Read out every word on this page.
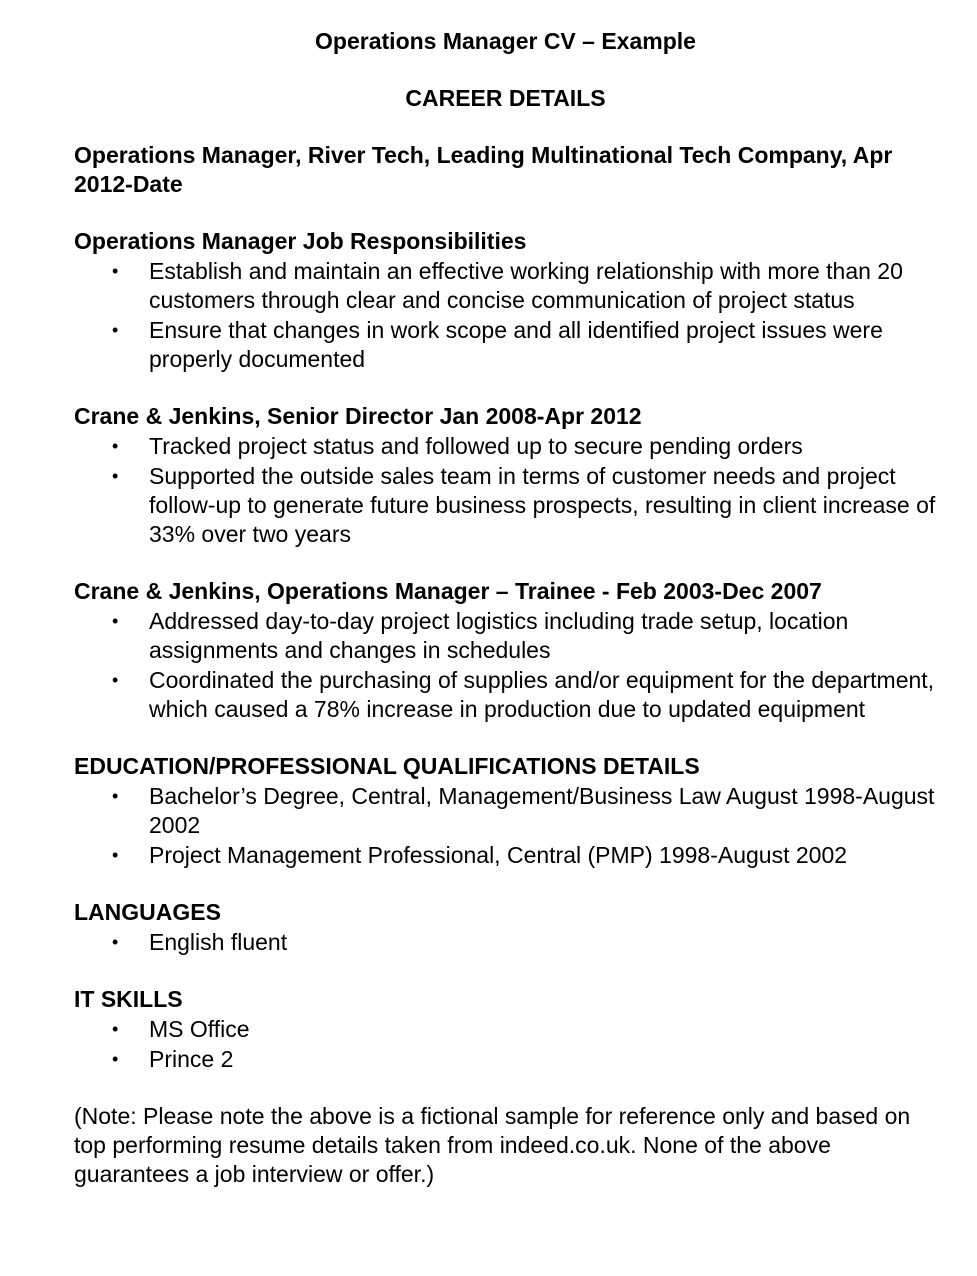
Operations Manager CV – Example
CAREER DETAILS
Operations Manager, River Tech, Leading Multinational Tech Company, Apr 2012-Date
Operations Manager Job Responsibilities
• Establish and maintain an effective working relationship with more than 20 customers through clear and concise communication of project status
• Ensure that changes in work scope and all identified project issues were properly documented
Crane & Jenkins, Senior Director Jan 2008-Apr 2012
• Tracked project status and followed up to secure pending orders
• Supported the outside sales team in terms of customer needs and project follow-up to generate future business prospects, resulting in client increase of 33% over two years
Crane & Jenkins, Operations Manager – Trainee - Feb 2003-Dec 2007
• Addressed day-to-day project logistics including trade setup, location assignments and changes in schedules
• Coordinated the purchasing of supplies and/or equipment for the department, which caused a 78% increase in production due to updated equipment
EDUCATION/PROFESSIONAL QUALIFICATIONS DETAILS
• Bachelor’s Degree, Central, Management/Business Law August 1998-August 2002
• Project Management Professional, Central (PMP) 1998-August 2002
LANGUAGES
• English fluent
IT SKILLS
• MS Office
• Prince 2
(Note: Please note the above is a fictional sample for reference only and based on top performing resume details taken from indeed.co.uk. None of the above guarantees a job interview or offer.)
